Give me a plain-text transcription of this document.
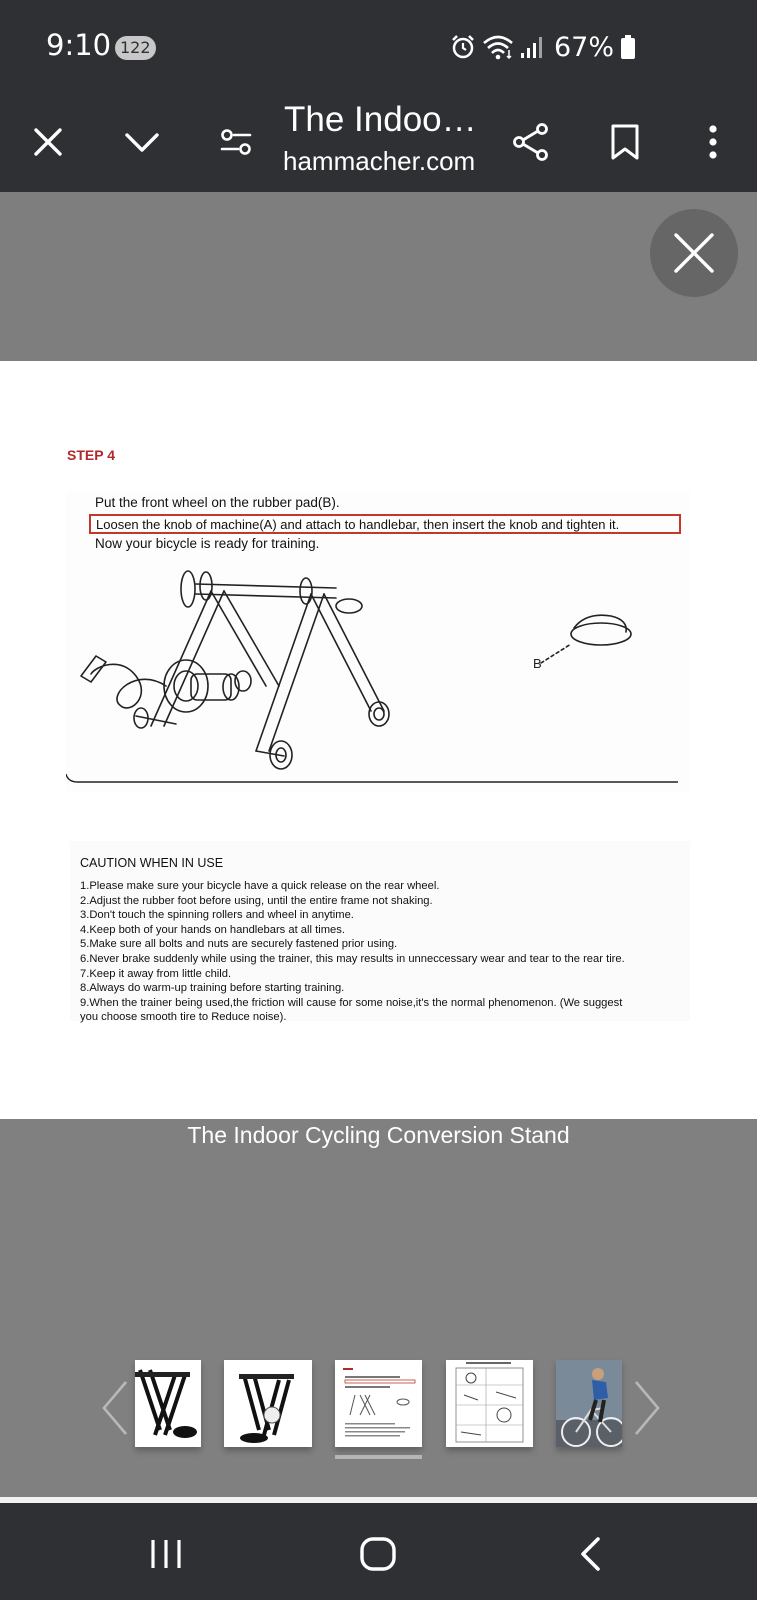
9:10 122	67%
The Indoo…
hammacher.com
STEP 4
Put the front wheel on the rubber pad(B).
Loosen the knob of machine(A) and attach to handlebar, then insert the knob and tighten it.
Now your bicycle is ready for training.
B
CAUTION WHEN IN USE
1.Please make sure your bicycle have a quick release on the rear wheel.
2.Adjust the rubber foot before using, until the entire frame not shaking.
3.Don't touch the spinning rollers and wheel in anytime.
4.Keep both of your hands on handlebars at all times.
5.Make sure all bolts and nuts are securely fastened prior using.
6.Never brake suddenly while using the trainer, this may results in unneccessary wear and tear to the rear tire.
7.Keep it away from little child.
8.Always do warm-up training before starting training.
9.When the trainer being used,the friction will cause for some noise,it's the normal phenomenon. (We suggest
you choose smooth tire to Reduce noise).
The Indoor Cycling Conversion Stand
